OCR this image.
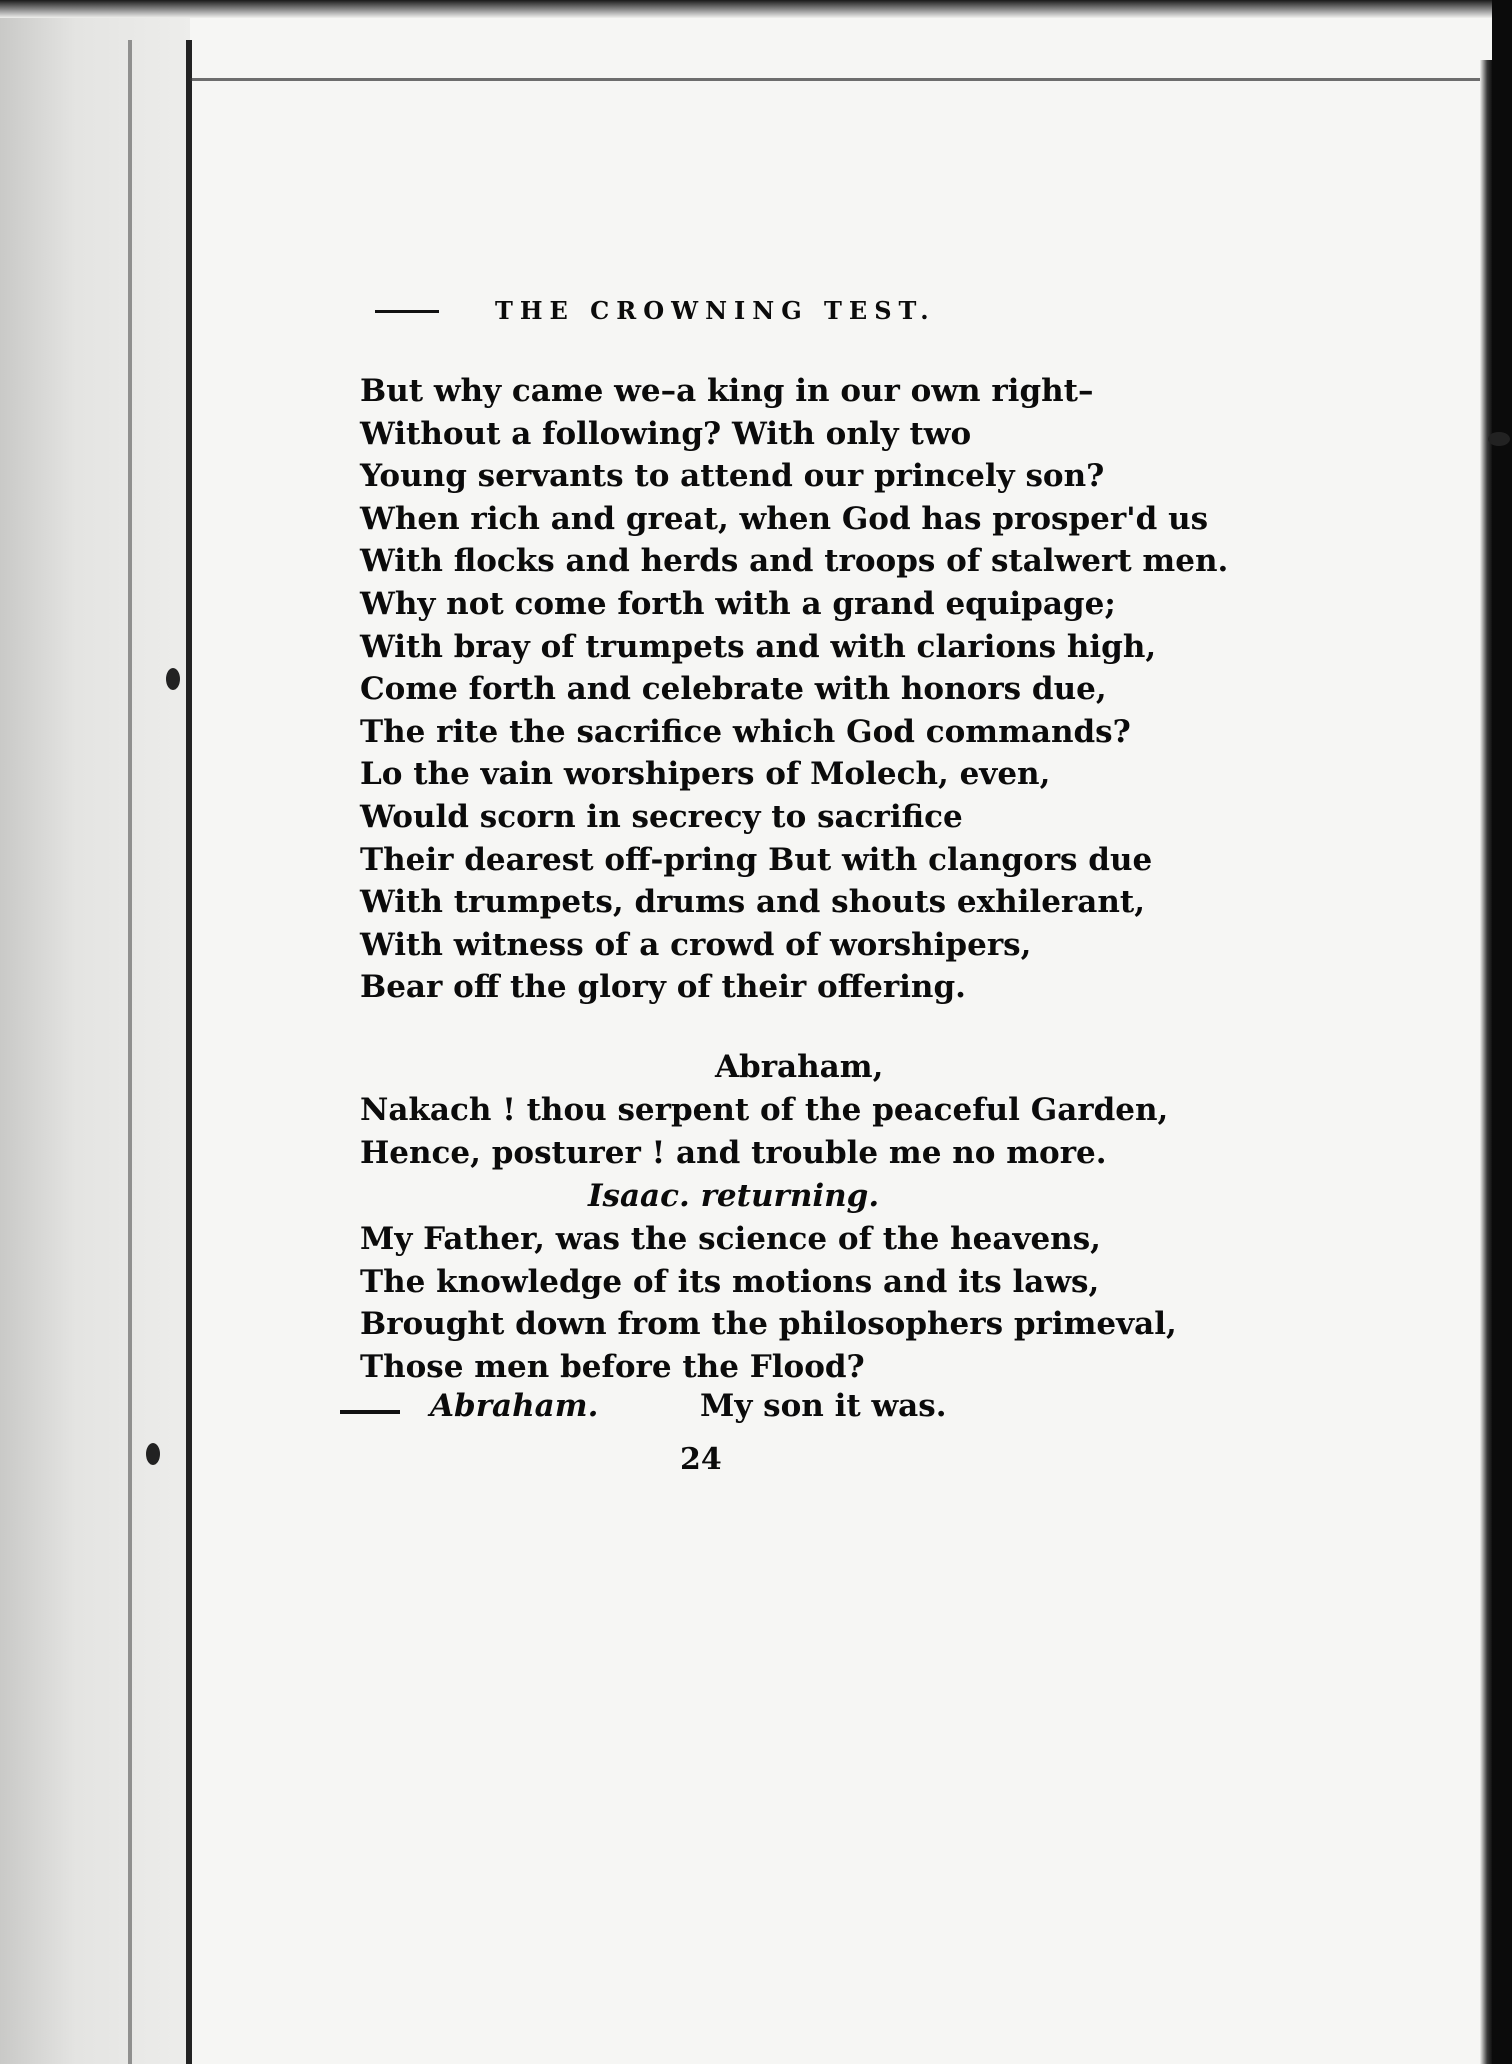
THE CROWNING TEST.
But why came we–a king in our own right–
Without a following? With only two
Young servants to attend our princely son?
When rich and great, when God has prosper'd us
With flocks and herds and troops of stalwert men.
Why not come forth with a grand equipage;
With bray of trumpets and with clarions high,
Come forth and celebrate with honors due,
The rite the sacrifice which God commands?
Lo the vain worshipers of Molech, even,
Would scorn in secrecy to sacrifice
Their dearest off-pring But with clangors due
With trumpets, drums and shouts exhilerant,
With witness of a crowd of worshipers,
Bear off the glory of their offering.
Abraham,
Nakach ! thou serpent of the peaceful Garden,
Hence, posturer ! and trouble me no more.
Isaac. returning.
My Father, was the science of the heavens,
The knowledge of its motions and its laws,
Brought down from the philosophers primeval,
Those men before the Flood?
Abraham.	My son it was.
24
